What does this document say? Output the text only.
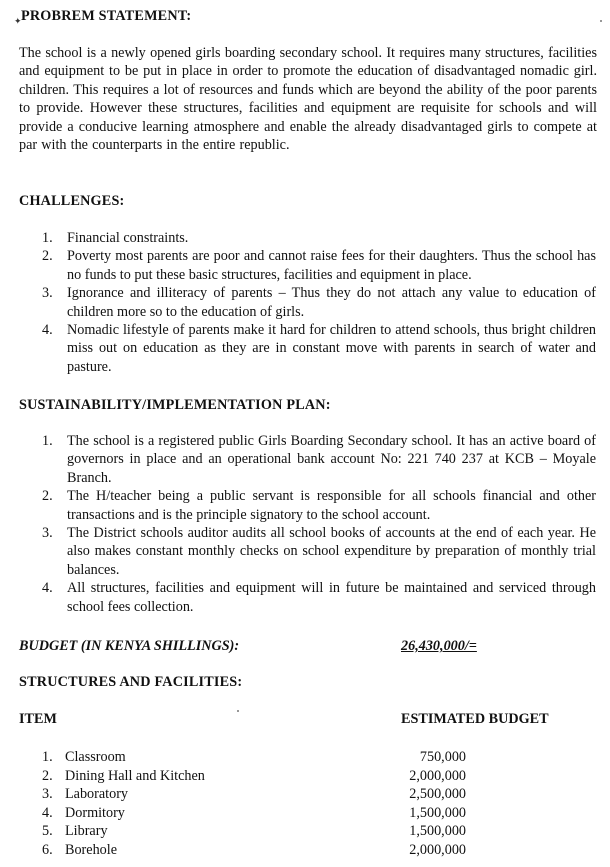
✦ PROBREM STATEMENT:

The school is a newly opened girls boarding secondary school. It requires many structures, facilities and equipment to be put in place in order to promote the education of disadvantaged nomadic girl. children. This requires a lot of resources and funds which are beyond the ability of the poor parents to provide. However these structures, facilities and equipment are requisite for schools and will provide a conducive learning atmosphere and enable the already disadvantaged girls to compete at par with the counterparts in the entire republic.

CHALLENGES:
1. Financial constraints.
2. Poverty most parents are poor and cannot raise fees for their daughters. Thus the school has no funds to put these basic structures, facilities and equipment in place.
3. Ignorance and illiteracy of parents – Thus they do not attach any value to education of children more so to the education of girls.
4. Nomadic lifestyle of parents make it hard for children to attend schools, thus bright children miss out on education as they are in constant move with parents in search of water and pasture.
SUSTAINABILITY/IMPLEMENTATION PLAN:
1. The school is a registered public Girls Boarding Secondary school. It has an active board of governors in place and an operational bank account No: 221 740 237 at KCB – Moyale Branch.
2. The H/teacher being a public servant is responsible for all schools financial and other transactions and is the principle signatory to the school account.
3. The District schools auditor audits all school books of accounts at the end of each year. He also makes constant monthly checks on school expenditure by preparation of monthly trial balances.
4. All structures, facilities and equipment will in future be maintained and serviced through school fees collection.
BUDGET (IN KENYA SHILLINGS):	26,430,000/=
STRUCTURES AND FACILITIES:
ITEM	ESTIMATED BUDGET
1. Classroom
2. Dining Hall and Kitchen
3. Laboratory
4. Dormitory
5. Library
6. Borehole
750,000
2,000,000
2,500,000
1,500,000
1,500,000
2,000,000
